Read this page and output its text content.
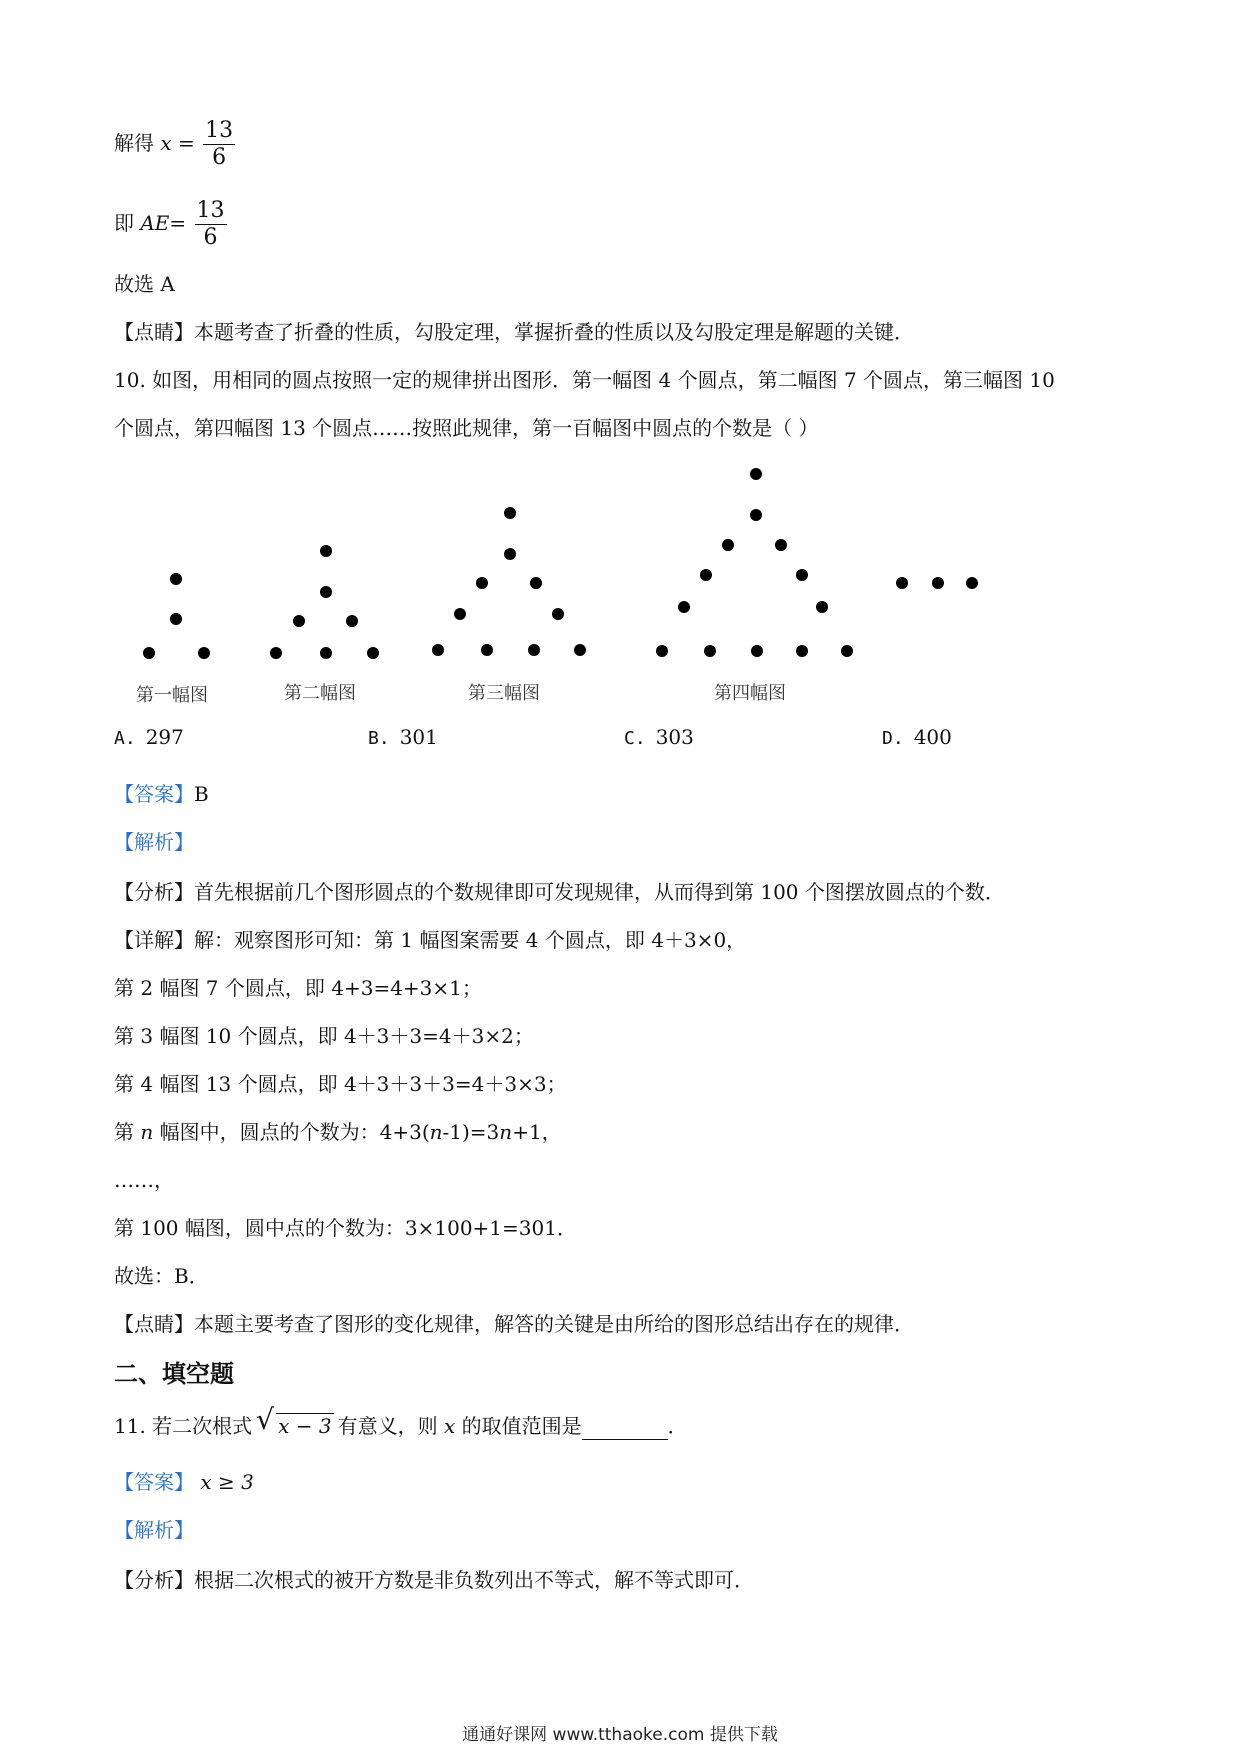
解得 $x = \frac{13}{6}$
即 $AE= \frac{13}{6}$
故选 A
【点睛】本题考查了折叠的性质，勾股定理，掌握折叠的性质以及勾股定理是解题的关键．
10. 如图，用相同的圆点按照一定的规律拼出图形．第一幅图 4 个圆点，第二幅图 7 个圆点，第三幅图 10
个圆点，第四幅图 13 个圆点……按照此规律，第一百幅图中圆点的个数是（ ）
第一幅图	第二幅图	第三幅图	第四幅图
A. 297	B. 301	C. 303	D. 400
【答案】B
【解析】
【分析】首先根据前几个图形圆点的个数规律即可发现规律，从而得到第 100 个图摆放圆点的个数．
【详解】解：观察图形可知：第 1 幅图案需要 4 个圆点，即 4＋3×0，
第 2 幅图 7 个圆点，即 4+3=4+3×1；
第 3 幅图 10 个圆点，即 4＋3＋3=4＋3×2；
第 4 幅图 13 个圆点，即 4＋3＋3＋3=4＋3×3；
第 n 幅图中，圆点的个数为：4+3(n-1)=3n+1，
……，
第 100 幅图，圆中点的个数为：3×100+1=301．
故选：B．
【点睛】本题主要考查了图形的变化规律，解答的关键是由所给的图形总结出存在的规律．
二、填空题
11. 若二次根式 √ x − 3 有意义，则 x 的取值范围是	．
【答案】 x ≥ 3
【解析】
【分析】根据二次根式的被开方数是非负数列出不等式，解不等式即可．
通通好课网 www.tthaoke.com 提供下载
